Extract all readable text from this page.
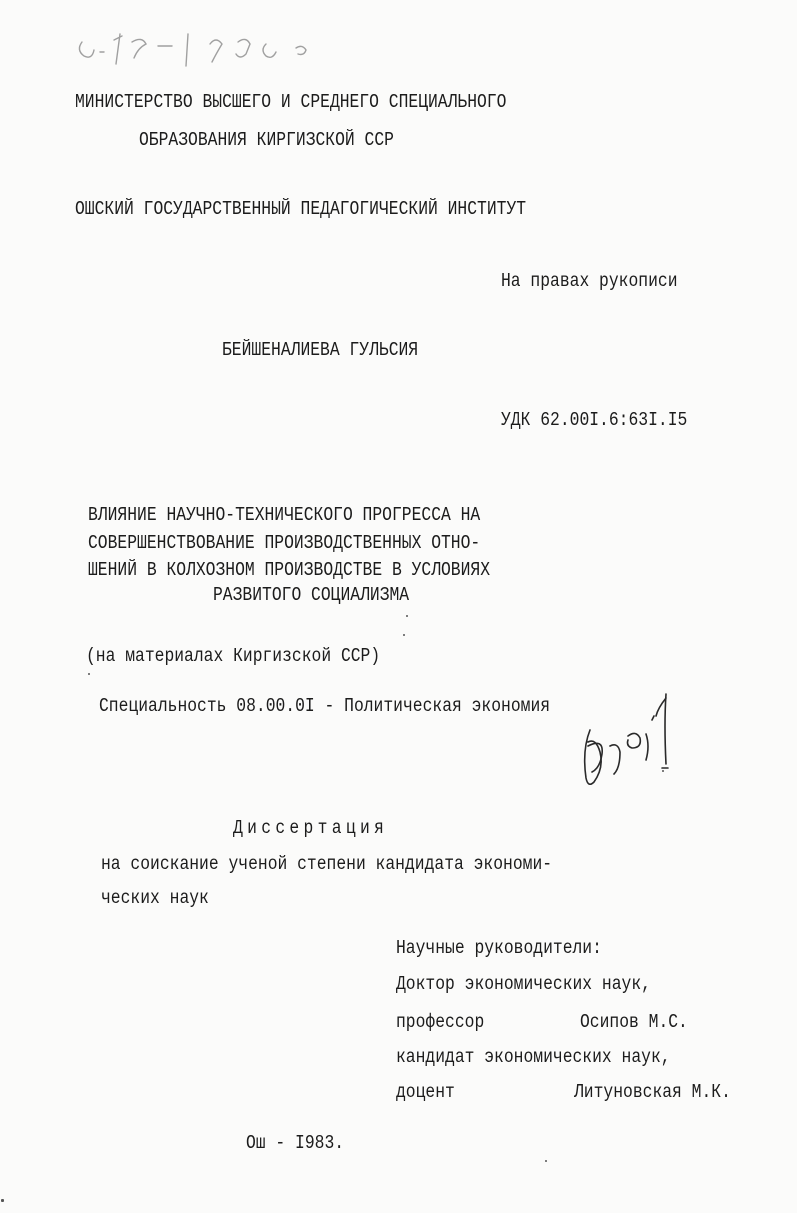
МИНИСТЕРСТВО ВЫСШЕГО И СРЕДНЕГО СПЕЦИАЛЬНОГО
ОБРАЗОВАНИЯ КИРГИЗСКОЙ ССР
ОШСКИЙ ГОСУДАРСТВЕННЫЙ ПЕДАГОГИЧЕСКИЙ ИНСТИТУТ
На правах рукописи
БЕЙШЕНАЛИЕВА ГУЛЬСИЯ
УДК 62.00I.6:63I.I5
ВЛИЯНИЕ НАУЧНО-ТЕХНИЧЕСКОГО ПРОГРЕССА НА
СОВЕРШЕНСТВОВАНИЕ ПРОИЗВОДСТВЕННЫХ ОТНО-
ШЕНИЙ В КОЛХОЗНОМ ПРОИЗВОДСТВЕ В УСЛОВИЯХ
РАЗВИТОГО СОЦИАЛИЗМА
(на материалах Киргизской ССР)
Специальность 08.00.0I - Политическая экономия
Диссертация
на соискание ученой степени кандидата экономи-
ческих наук
Научные руководители:
Доктор экономических наук,
профессор	Осипов М.С.
кандидат экономических наук,
доцент	Литуновская М.К.
Ош - I983.
